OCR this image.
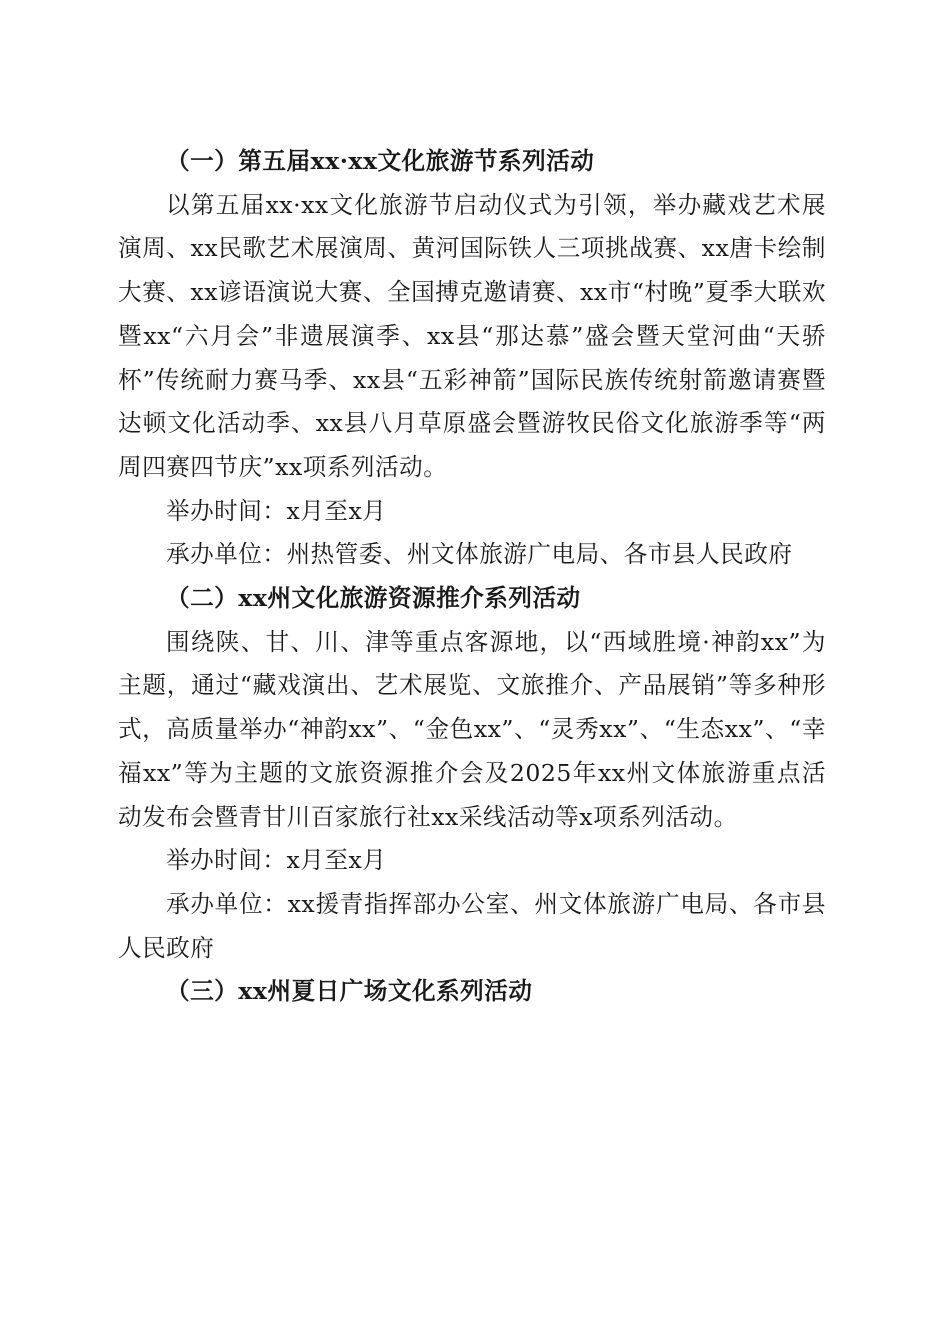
（一）第五届xx·xx文化旅游节系列活动

以第五届xx·xx文化旅游节启动仪式为引领，举办藏戏艺术展演周、xx民歌艺术展演周、黄河国际铁人三项挑战赛、xx唐卡绘制大赛、xx谚语演说大赛、全国搏克邀请赛、xx市“村晚”夏季大联欢暨xx“六月会”非遗展演季、xx县“那达慕”盛会暨天堂河曲“天骄杯”传统耐力赛马季、xx县“五彩神箭”国际民族传统射箭邀请赛暨达顿文化活动季、xx县八月草原盛会暨游牧民俗文化旅游季等“两周四赛四节庆”xx项系列活动。

举办时间：x月至x月

承办单位：州热管委、州文体旅游广电局、各市县人民政府

（二）xx州文化旅游资源推介系列活动

围绕陕、甘、川、津等重点客源地，以“西域胜境·神韵xx”为主题，通过“藏戏演出、艺术展览、文旅推介、产品展销”等多种形式，高质量举办“神韵xx”、“金色xx”、“灵秀xx”、“生态xx”、“幸福xx”等为主题的文旅资源推介会及2025年xx州文体旅游重点活动发布会暨青甘川百家旅行社xx采线活动等x项系列活动。

举办时间：x月至x月

承办单位：xx援青指挥部办公室、州文体旅游广电局、各市县人民政府

（三）xx州夏日广场文化系列活动
